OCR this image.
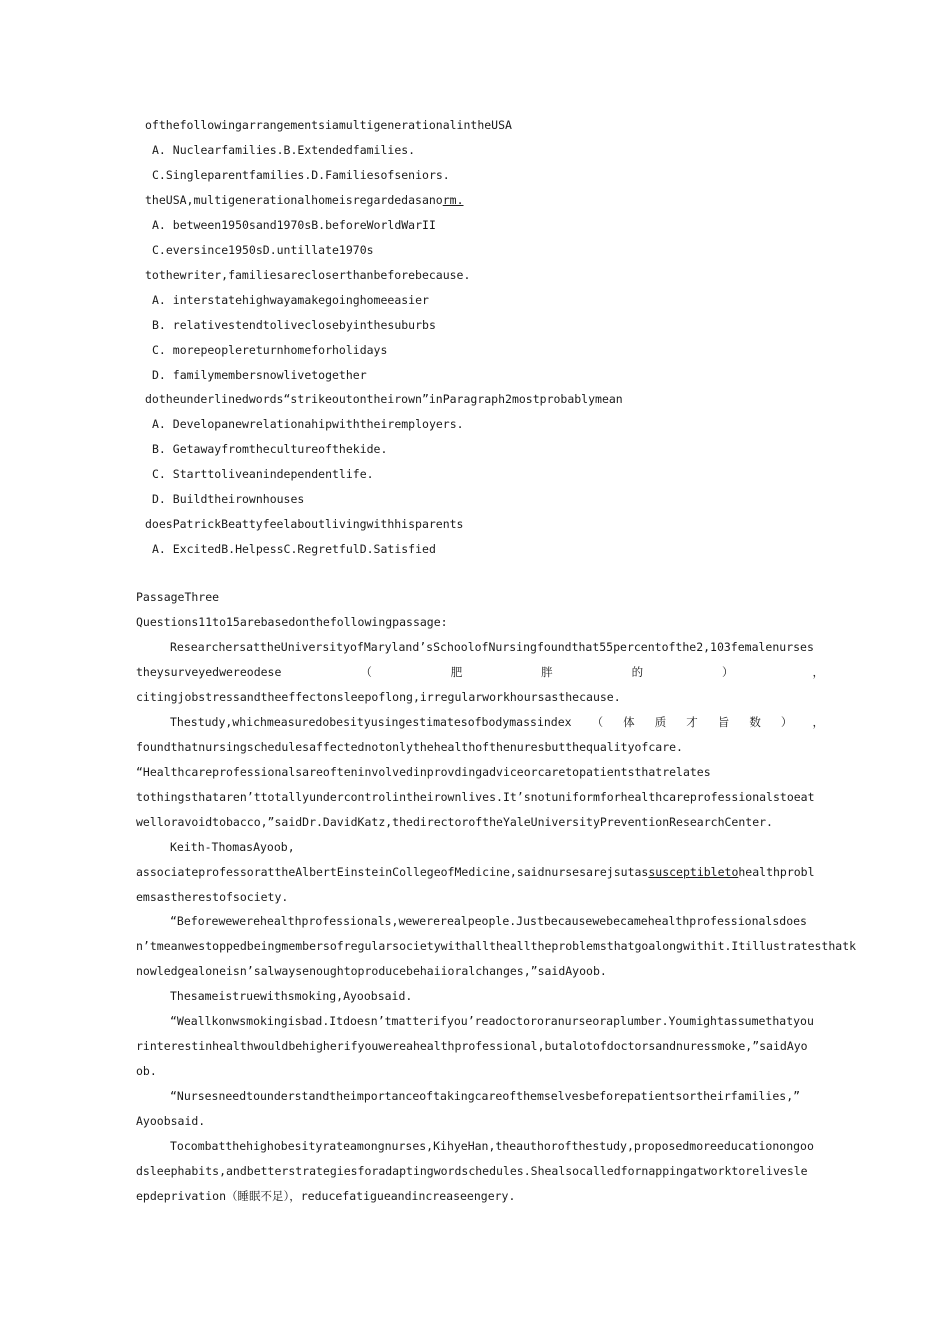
ofthefollowingarrangementsiamultigenerationalintheUSA
A. Nuclearfamilies.B.Extendedfamilies.
C.Singleparentfamilies.D.Familiesofseniors.
theUSA,multigenerationalhomeisregardedasanorm.
A. between1950sand1970sB.beforeWorldWarII
C.eversince1950sD.untillate1970s
tothewriter,familiesarecloserthanbeforebecause.
A. interstatehighwayamakegoinghomeeasier
B. relativestendtoliveclosebyinthesuburbs
C. morepeoplereturnhomeforholidays
D. familymembersnowlivetogether
dotheunderlinedwords“strikeoutontheirown”inParagraph2mostprobablymean
A. Developanewrelationahipwiththeiremployers.
B. Getawayfromthecultureofthekide.
C. Starttoliveanindependentlife.
D. Buildtheirownhouses
doesPatrickBeattyfeelaboutlivingwithhisparents
A. ExcitedB.HelpessC.RegretfulD.Satisfied
PassageThree
Questions11to15arebasedonthefollowingpassage:
ResearchersattheUniversityofMaryland’sSchoolofNursingfoundthat55percentofthe2,103femalenurses
theysurveyedwereodese	（	肥	胖	的	）	，
citingjobstressandtheeffectonsleepoflong,irregularworkhoursasthecause.
Thestudy,whichmeasuredobesityusingestimatesofbodymassindex （ 体 质 才 旨 数 ） ，
foundthatnursingschedulesaffectednotonlythehealthofthenuresbutthequalityofcare.
“Healthcareprofessionalsareofteninvolvedinprovdingadviceorcaretopatientsthatrelates
tothingsthataren’ttotallyundercontrolintheirownlives.It’snotuniformforhealthcareprofessionalstoeat
welloravoidtobacco,”saidDr.DavidKatz,thedirectoroftheYaleUniversityPreventionResearchCenter.
Keith-ThomasAyoob,
associateprofessorattheAlbertEinsteinCollegeofMedicine,saidnursesarejsutassusceptibletohealthprobl
emsastherestofsociety.
“Beforewewerehealthprofessionals,wewererealpeople.Justbecausewebecamehealthprofessionalsdoes
n’tmeanwestoppedbeingmembersofregularsocietywithallthealltheproblemsthatgoalongwithit.Itillustratesthatk
nowledgealoneisn’salwaysenoughtoproducebehaiioralchanges,”saidAyoob.
Thesameistruewithsmoking,Ayoobsaid.
“Weallkonwsmokingisbad.Itdoesn’tmatterifyou’readoctororanurseoraplumber.Youmightassumethatyou
rinterestinhealthwouldbehigherifyouwereahealthprofessional,butalotofdoctorsandnuressmoke,”saidAyo
ob.
“Nursesneedtounderstandtheimportanceoftakingcareofthemselvesbeforepatientsortheirfamilies,”
Ayoobsaid.
Tocombatthehighobesityrateamongnurses,KihyeHan,theauthorofthestudy,proposedmoreeducationongoo
dsleephabits,andbetterstrategiesforadaptingwordschedules.Shealsocalledfornappingatworktorelivesle
epdeprivation（睡眠不足），reducefatigueandincreaseengery.
